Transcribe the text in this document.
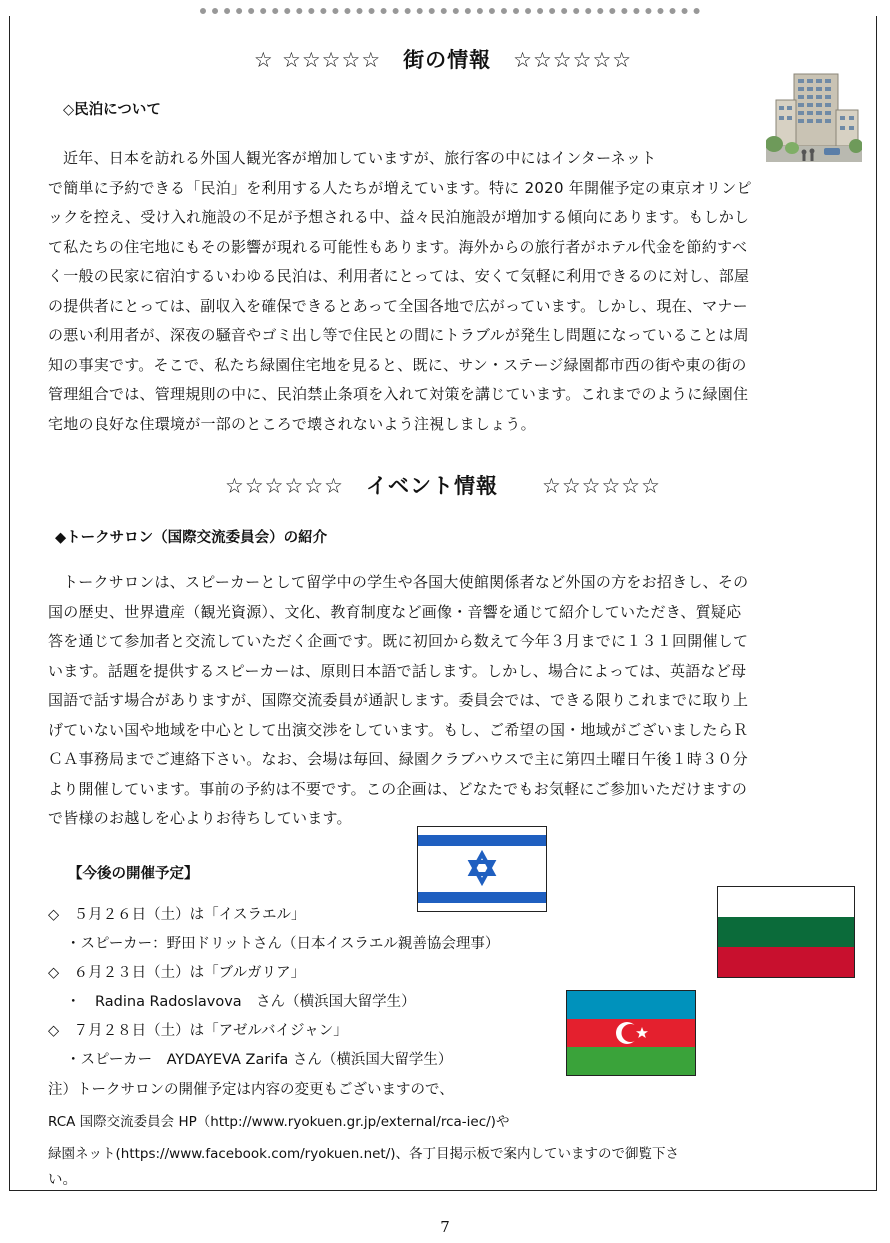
☆ ☆☆☆☆☆　街の情報　☆☆☆☆☆☆
◇民泊について
近年、日本を訪れる外国人観光客が増加していますが、旅行客の中にはインターネット
で簡単に予約できる「民泊」を利用する人たちが増えています。特に 2020 年開催予定の東京オリンピ
ックを控え、受け入れ施設の不足が予想される中、益々民泊施設が増加する傾向にあります。もしかし
て私たちの住宅地にもその影響が現れる可能性もあります。海外からの旅行者がホテル代金を節約すべ
く一般の民家に宿泊するいわゆる民泊は、利用者にとっては、安くて気軽に利用できるのに対し、部屋
の提供者にとっては、副収入を確保できるとあって全国各地で広がっています。しかし、現在、マナー
の悪い利用者が、深夜の騒音やゴミ出し等で住民との間にトラブルが発生し問題になっていることは周
知の事実です。そこで、私たち緑園住宅地を見ると、既に、サン・ステージ緑園都市西の街や東の街の
管理組合では、管理規則の中に、民泊禁止条項を入れて対策を講じています。これまでのように緑園住
宅地の良好な住環境が一部のところで壊されないよう注視しましょう。
☆☆☆☆☆☆　イベント情報　　☆☆☆☆☆☆
◆トークサロン（国際交流委員会）の紹介
トークサロンは、スピーカーとして留学中の学生や各国大使館関係者など外国の方をお招きし、その
国の歴史、世界遺産（観光資源）、文化、教育制度など画像・音響を通じて紹介していただき、質疑応
答を通じて参加者と交流していただく企画です。既に初回から数えて今年３月までに１３１回開催して
います。話題を提供するスピーカーは、原則日本語で話します。しかし、場合によっては、英語など母
国語で話す場合がありますが、国際交流委員が通訳します。委員会では、できる限りこれまでに取り上
げていない国や地域を中心として出演交渉をしています。もし、ご希望の国・地域がございましたらＲ
ＣＡ事務局までご連絡下さい。なお、会場は毎回、緑園クラブハウスで主に第四土曜日午後１時３０分
より開催しています。事前の予約は不要です。この企画は、どなたでもお気軽にご参加いただけますの
で皆様のお越しを心よりお待ちしています。
【今後の開催予定】
◇　５月２６日（土）は「イスラエル」
・スピーカー：野田ドリットさん（日本イスラエル親善協会理事）
◇　６月２３日（土）は「ブルガリア」
・　Radina Radoslavova　さん（横浜国大留学生）
◇　７月２８日（土）は「アゼルバイジャン」
・スピーカー　AYDAYEVA Zarifa さん（横浜国大留学生）
注）トークサロンの開催予定は内容の変更もございますので、
RCA 国際交流委員会 HP（http://www.ryokuen.gr.jp/external/rca-iec/)や
緑園ネット(https://www.facebook.com/ryokuen.net/)、各丁目掲示板で案内していますので御覧下さ
い。
7
